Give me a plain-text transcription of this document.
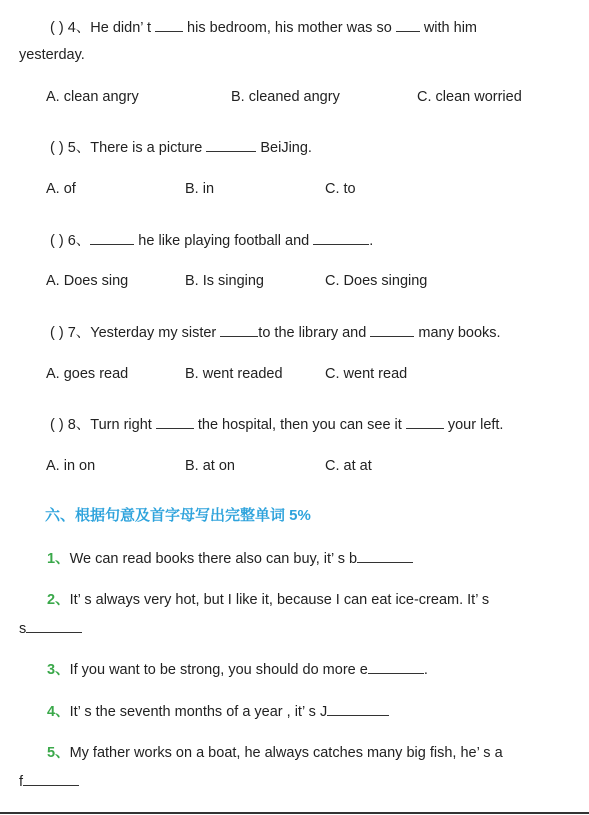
( ) 4、He didn’ t  his bedroom, his mother was so  with him
yesterday.
A. clean angry	B. cleaned angry	C. clean worried
( ) 5、There is a picture	BeiJing.
A. of	B. in	C. to
( ) 6、	he like playing football and	.
A. Does sing	B. Is singing	C. Does singing
( ) 7、Yesterday my sister	to the library and	many books.
A. goes read	B. went readed	C. went read
( ) 8、Turn right	the hospital, then you can see it	your left.
A. in on	B. at on	C. at at
六、根据句意及首字母写出完整单词 5%
1、We can read books there also can buy, it’ s b
2、It’ s always very hot, but I like it, because I can eat ice-cream. It’ s
s
3、If you want to be strong, you should do more e	.
4、It’ s the seventh months of a year , it’ s J
5、My father works on a boat, he always catches many big fish, he’ s a
f
